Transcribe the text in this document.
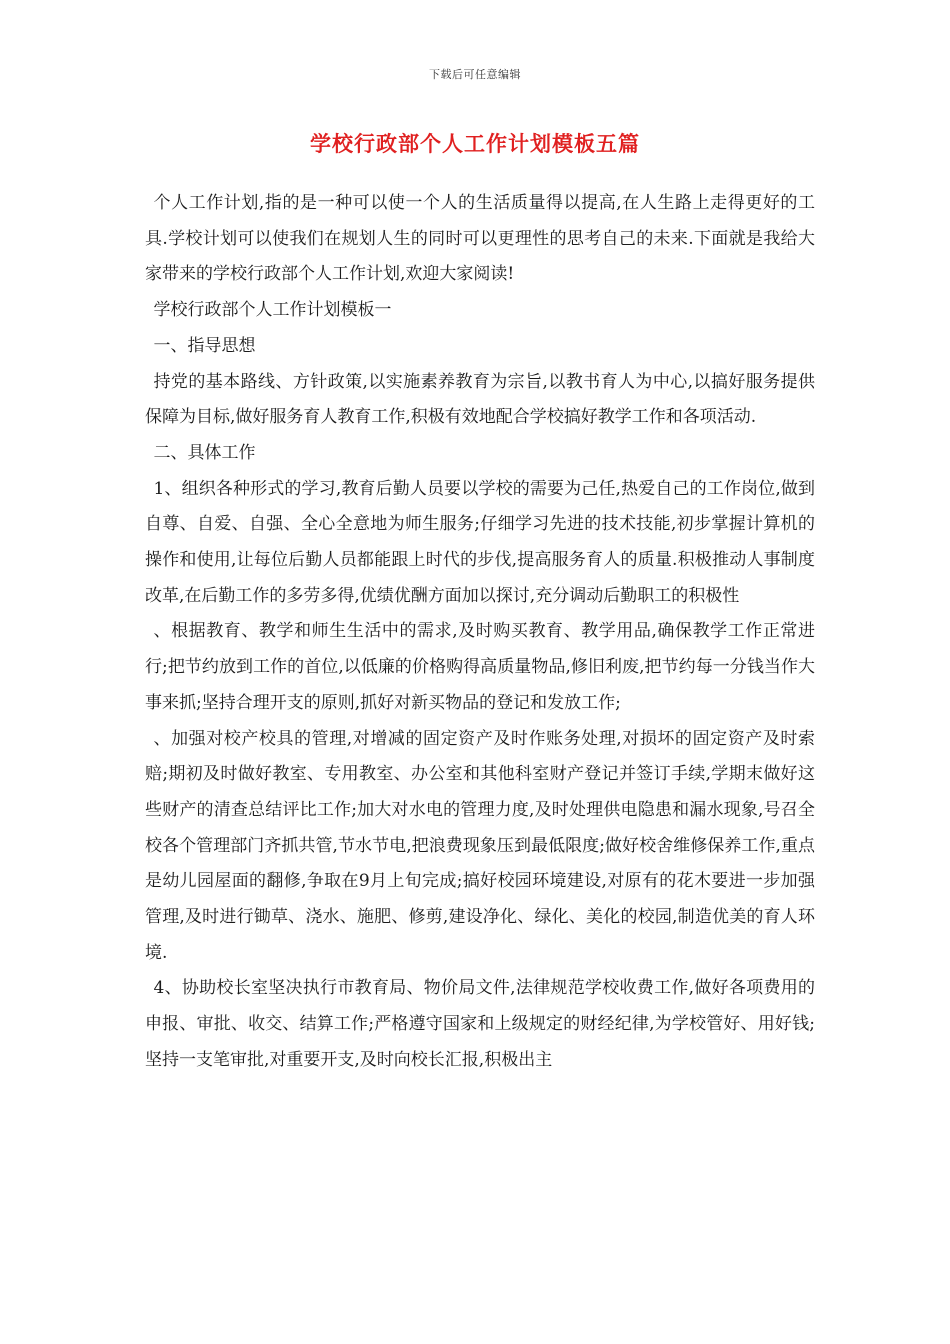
下载后可任意编辑
学校行政部个人工作计划模板五篇

个人工作计划,指的是一种可以使一个人的生活质量得以提高,在人生路上走得更好的工具.学校计划可以使我们在规划人生的同时可以更理性的思考自己的未来.下面就是我给大家带来的学校行政部个人工作计划,欢迎大家阅读!

学校行政部个人工作计划模板一

一、指导思想

持党的基本路线、方针政策,以实施素养教育为宗旨,以教书育人为中心,以搞好服务提供保障为目标,做好服务育人教育工作,积极有效地配合学校搞好教学工作和各项活动.

二、具体工作

1、组织各种形式的学习,教育后勤人员要以学校的需要为己任,热爱自己的工作岗位,做到自尊、自爱、自强、全心全意地为师生服务;仔细学习先进的技术技能,初步掌握计算机的操作和使用,让每位后勤人员都能跟上时代的步伐,提高服务育人的质量.积极推动人事制度改革,在后勤工作的多劳多得,优绩优酬方面加以探讨,充分调动后勤职工的积极性

、根据教育、教学和师生生活中的需求,及时购买教育、教学用品,确保教学工作正常进行;把节约放到工作的首位,以低廉的价格购得高质量物品,修旧利废,把节约每一分钱当作大事来抓;坚持合理开支的原则,抓好对新买物品的登记和发放工作;

、加强对校产校具的管理,对增减的固定资产及时作账务处理,对损坏的固定资产及时索赔;期初及时做好教室、专用教室、办公室和其他科室财产登记并签订手续,学期末做好这些财产的清查总结评比工作;加大对水电的管理力度,及时处理供电隐患和漏水现象,号召全校各个管理部门齐抓共管,节水节电,把浪费现象压到最低限度;做好校舍维修保养工作,重点是幼儿园屋面的翻修,争取在9月上旬完成;搞好校园环境建设,对原有的花木要进一步加强管理,及时进行锄草、浇水、施肥、修剪,建设净化、绿化、美化的校园,制造优美的育人环境.

4、协助校长室坚决执行市教育局、物价局文件,法律规范学校收费工作,做好各项费用的申报、审批、收交、结算工作;严格遵守国家和上级规定的财经纪律,为学校管好、用好钱;坚持一支笔审批,对重要开支,及时向校长汇报,积极出主
